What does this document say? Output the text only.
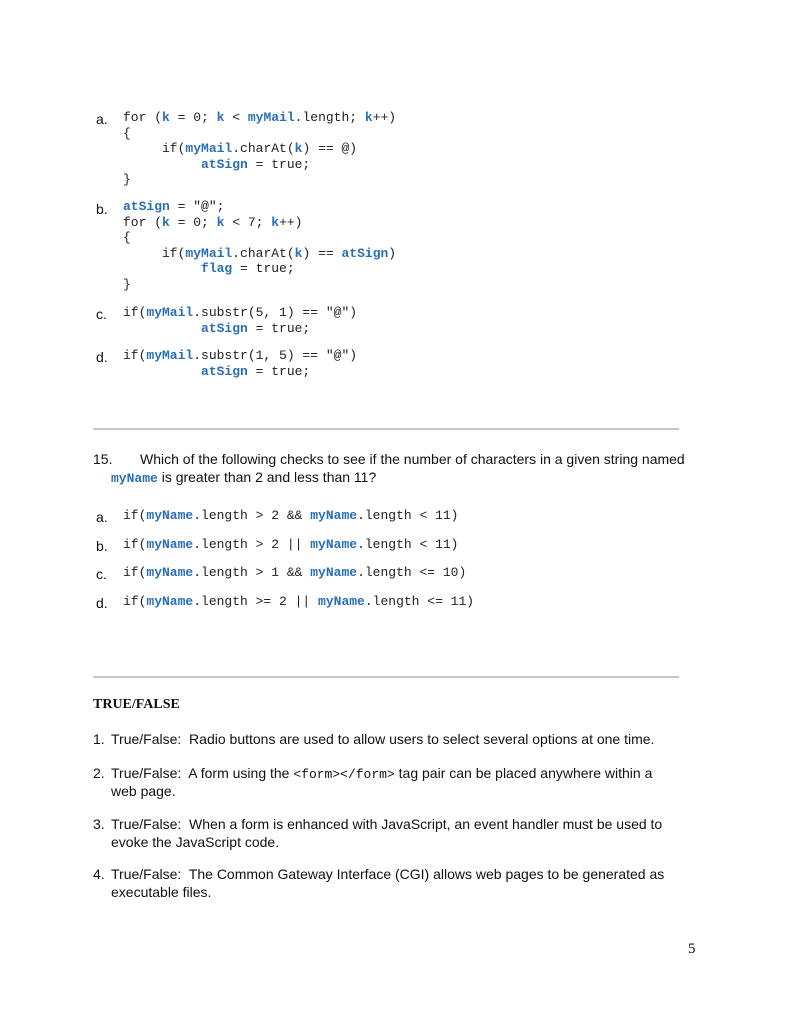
a. for (k = 0; k < myMail.length; k++)
{
if(myMail.charAt(k) == @)
atSign = true;
}
b. atSign = "@";
for (k = 0; k < 7; k++)
{
if(myMail.charAt(k) == atSign)
flag = true;
}
c. if(myMail.substr(5, 1) == "@")
atSign = true;
d. if(myMail.substr(1, 5) == "@")
atSign = true;
15. Which of the following checks to see if the number of characters in a given string named
myName is greater than 2 and less than 11?
a. if(myName.length > 2 && myName.length < 11)
b. if(myName.length > 2 || myName.length < 11)
c. if(myName.length > 1 && myName.length <= 10)
d. if(myName.length >= 2 || myName.length <= 11)
TRUE/FALSE
1. True/False:  Radio buttons are used to allow users to select several options at one time.
2. True/False:  A form using the <form></form> tag pair can be placed anywhere within a
web page.
3. True/False:  When a form is enhanced with JavaScript, an event handler must be used to
evoke the JavaScript code.
4. True/False:  The Common Gateway Interface (CGI) allows web pages to be generated as
executable files.
5
